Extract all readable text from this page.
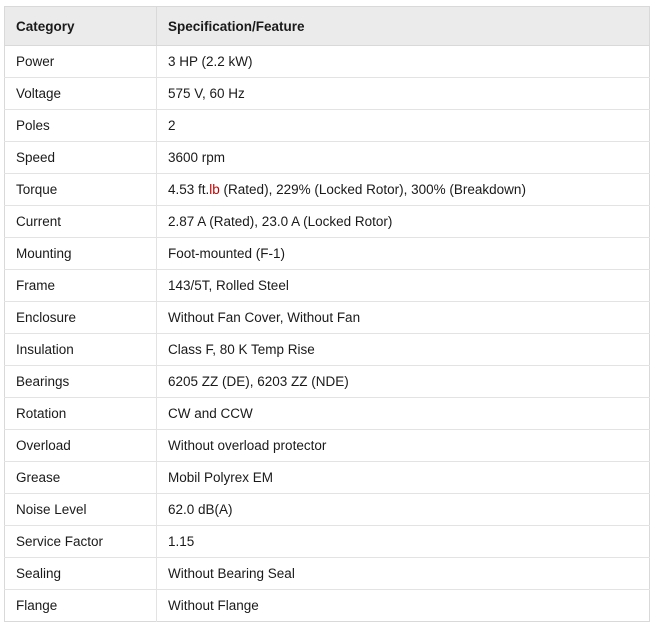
Category	Specification/Feature
Power	3 HP (2.2 kW)
Voltage	575 V, 60 Hz
Poles	2
Speed	3600 rpm
Torque	4.53 ft.lb (Rated), 229% (Locked Rotor), 300% (Breakdown)
Current	2.87 A (Rated), 23.0 A (Locked Rotor)
Mounting	Foot-mounted (F-1)
Frame	143/5T, Rolled Steel
Enclosure	Without Fan Cover, Without Fan
Insulation	Class F, 80 K Temp Rise
Bearings	6205 ZZ (DE), 6203 ZZ (NDE)
Rotation	CW and CCW
Overload	Without overload protector
Grease	Mobil Polyrex EM
Noise Level	62.0 dB(A)
Service Factor	1.15
Sealing	Without Bearing Seal
Flange	Without Flange
